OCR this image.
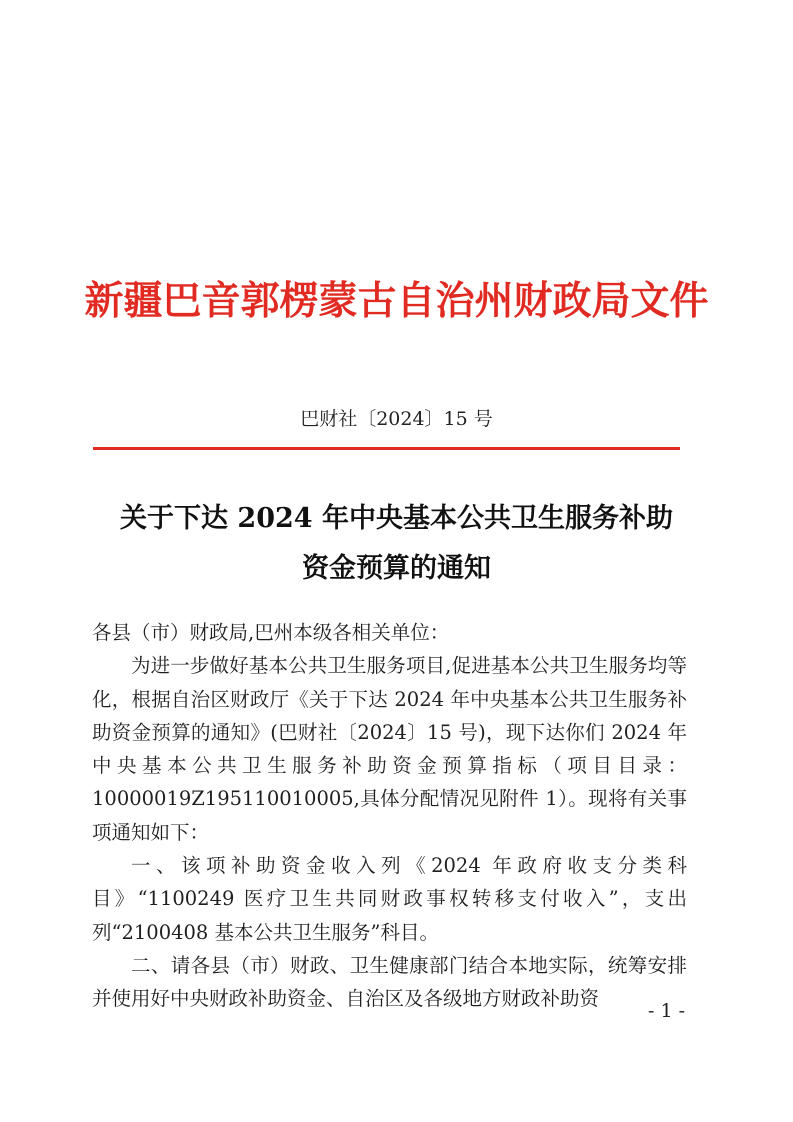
新疆巴音郭楞蒙古自治州财政局文件
巴财社〔2024〕15 号
关于下达 2024 年中央基本公共卫生服务补助
资金预算的通知

各县（市）财政局,巴州本级各相关单位：

为进一步做好基本公共卫生服务项目,促进基本公共卫生服务均等化，根据自治区财政厅《关于下达 2024 年中央基本公共卫生服务补助资金预算的通知》(巴财社〔2024〕15 号)，现下达你们 2024 年中央基本公共卫生服务补助资金预算指标（项目目录：10000019Z195110010005,具体分配情况见附件 1）。现将有关事项通知如下：

一、该项补助资金收入列《2024 年政府收支分类科目》“1100249 医疗卫生共同财政事权转移支付收入”，支出列“2100408 基本公共卫生服务”科目。

二、请各县（市）财政、卫生健康部门结合本地实际，统筹安排并使用好中央财政补助资金、自治区及各级地方财政补助资

- 1 -
